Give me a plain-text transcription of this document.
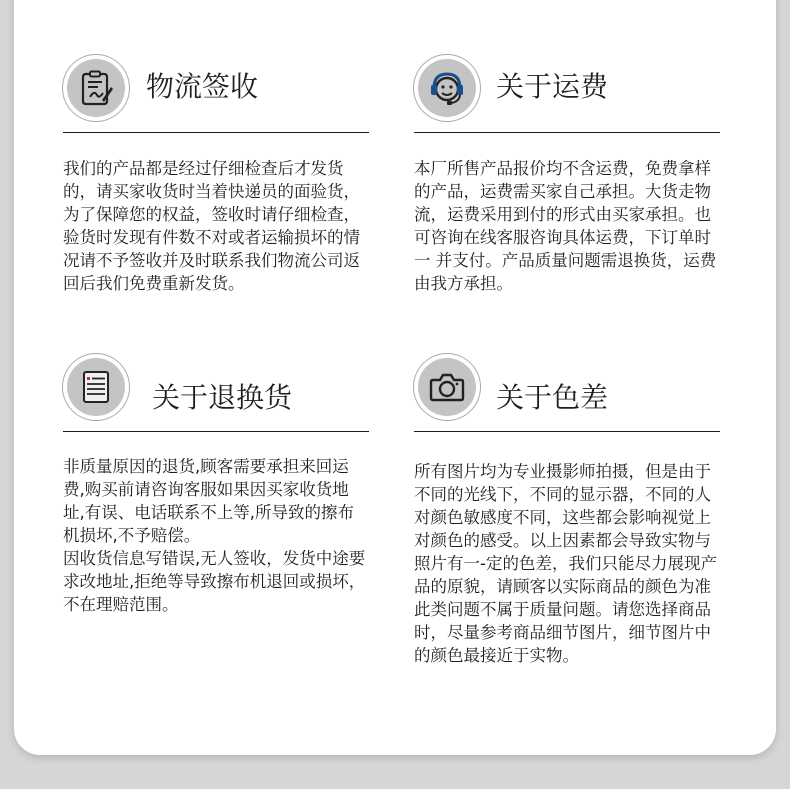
物流签收

我们的产品都是经过仔细检查后才发货的，请买家收货时当着快递员的面验货，为了保障您的权益，签收时请仔细检查，验货时发现有件数不对或者运输损坏的情况请不予签收并及时联系我们物流公司返回后我们免费重新发货。

关于运费

本厂所售产品报价均不含运费，免费拿样的产品，运费需买家自己承担。大货走物流，运费采用到付的形式由买家承担。也可咨询在线客服咨询具体运费，下订单时一 并支付。产品质量问题需退换货，运费由我方承担。

关于退换货

非质量原因的退货,顾客需要承担来回运费,购买前请咨询客服如果因买家收货地址,有误、电话联系不上等,所导致的擦布机损坏,不予赔偿。

因收货信息写错误,无人签收，发货中途要求改地址,拒绝等导致擦布机退回或损坏，不在理赔范围。

关于色差

所有图片均为专业摄影师拍摄，但是由于不同的光线下，不同的显示器，不同的人对颜色敏感度不同，这些都会影响视觉上对颜色的感受。以上因素都会导致实物与照片有一-定的色差，我们只能尽力展现产品的原貌，请顾客以实际商品的颜色为准此类问题不属于质量问题。请您选择商品时，尽量参考商品细节图片，细节图片中的颜色最接近于实物。
